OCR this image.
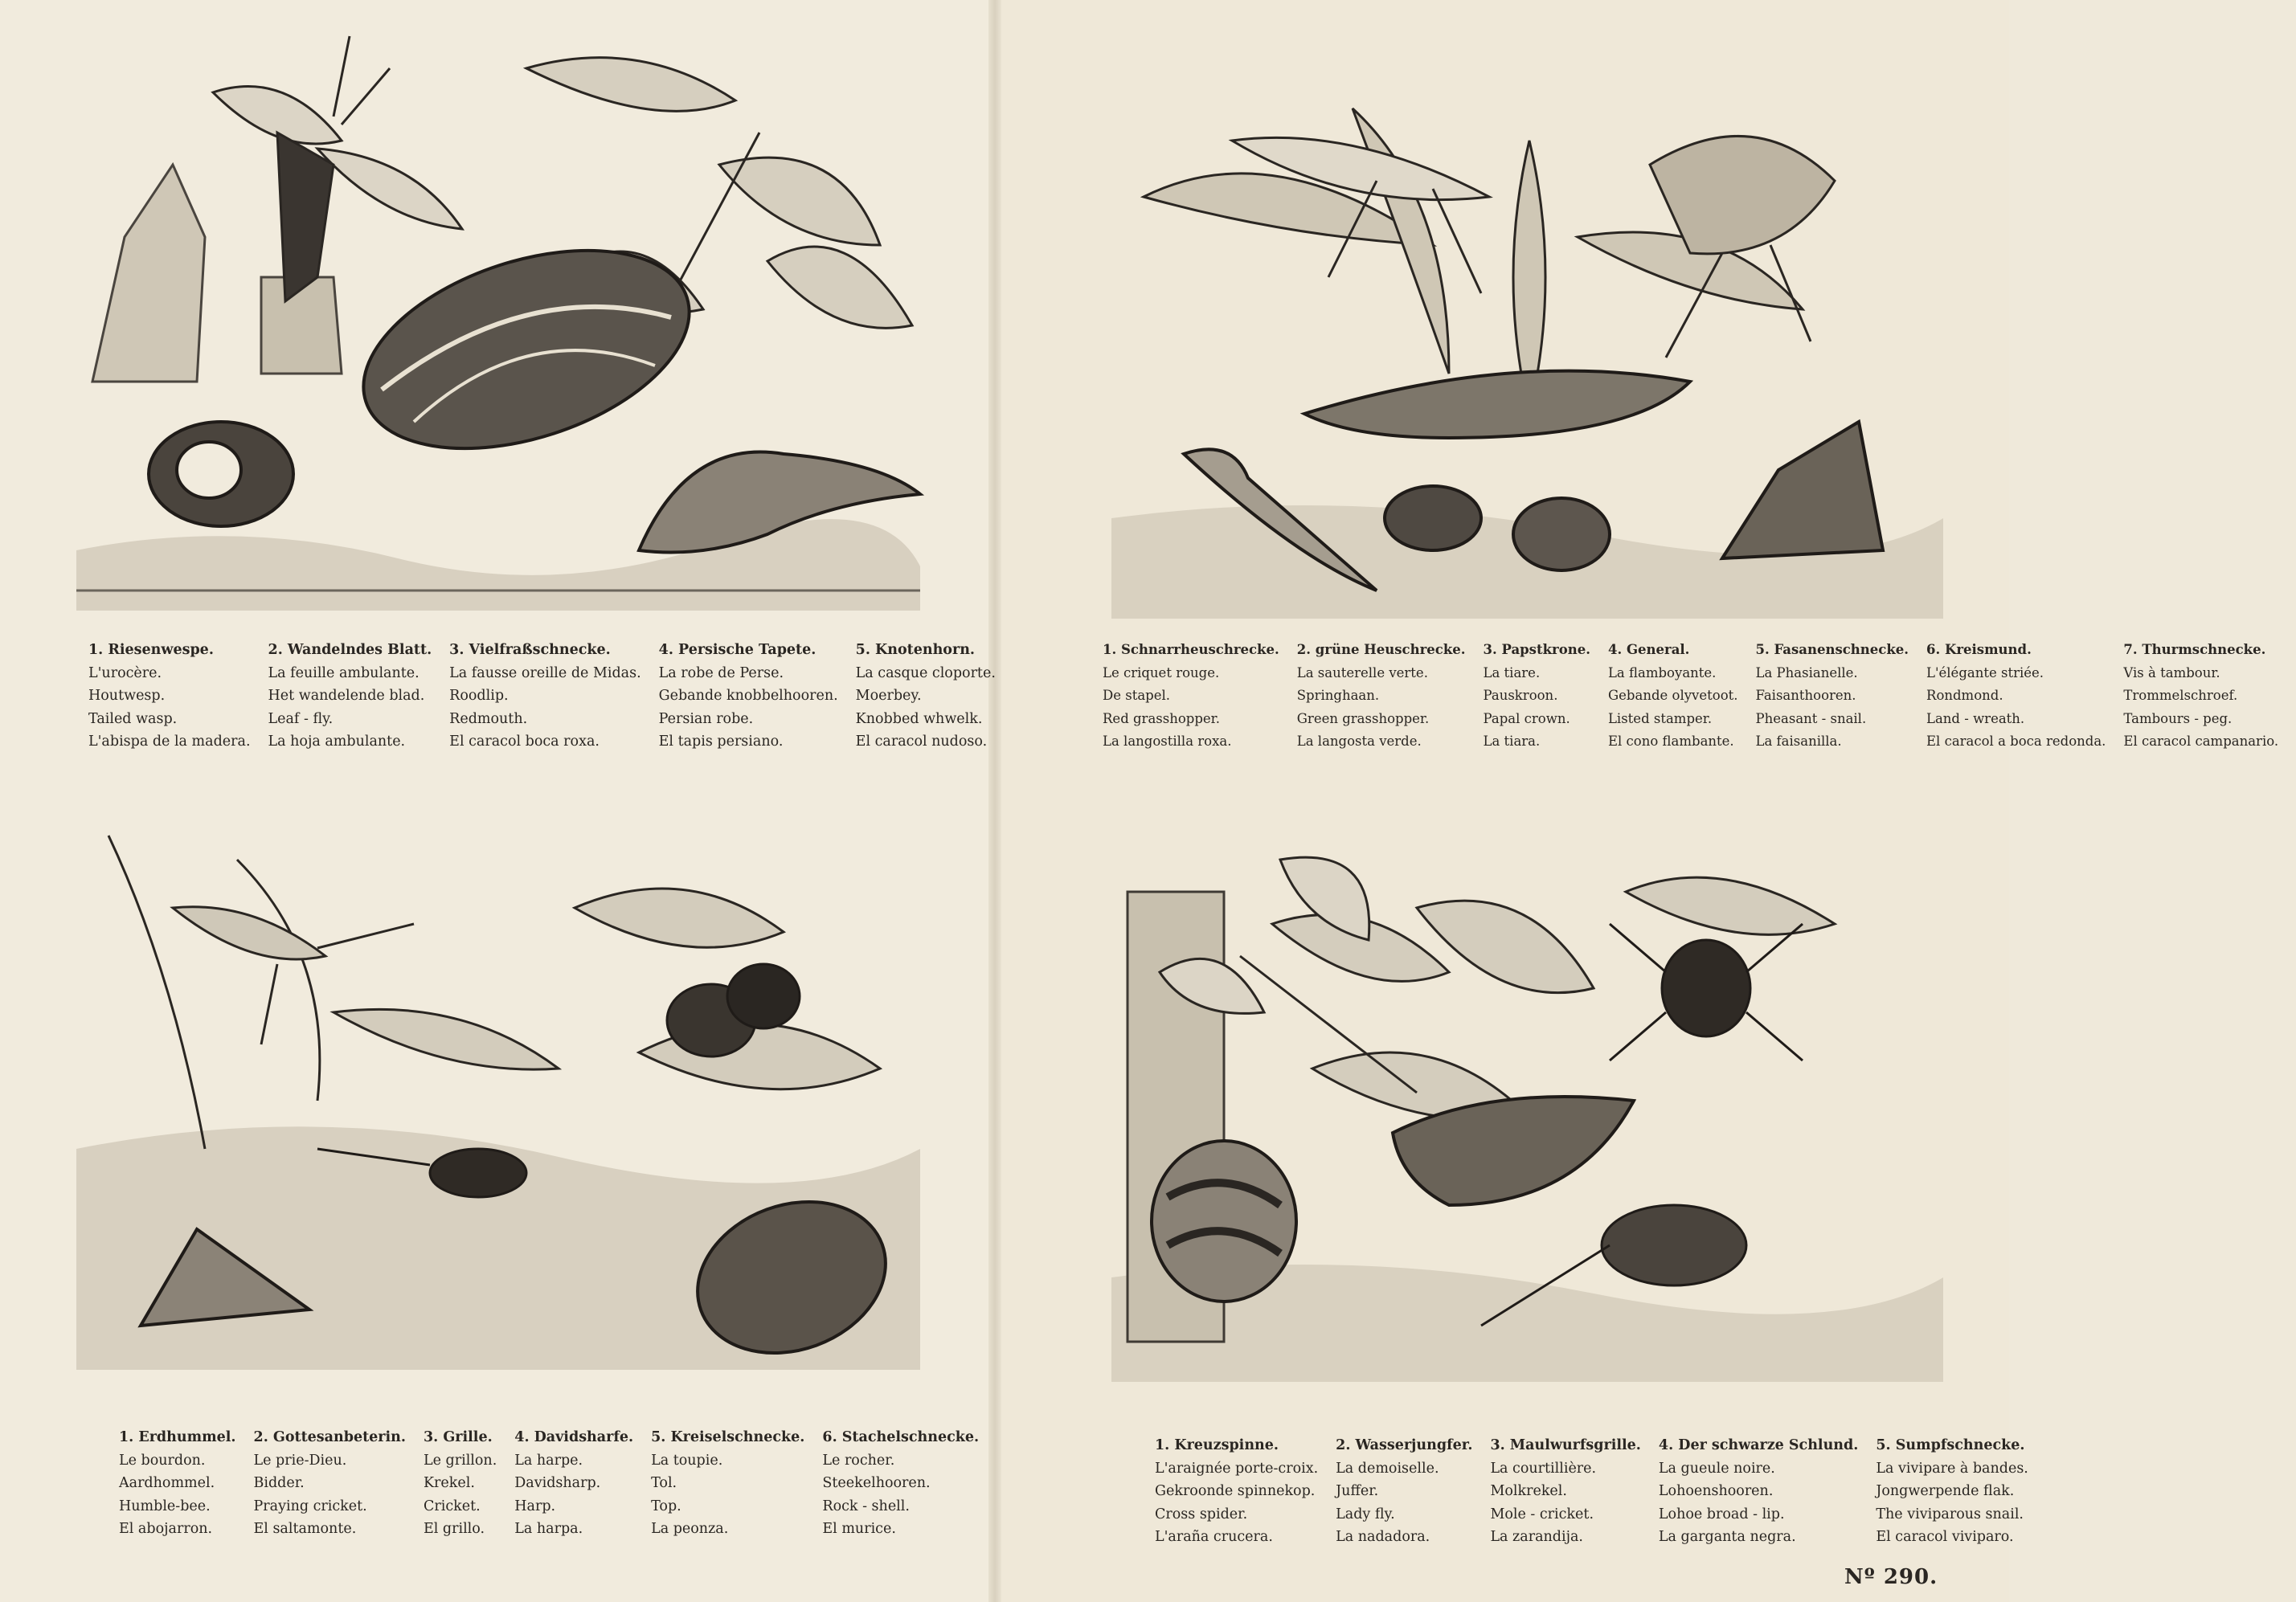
1. Riesenwespe.
L'urocère.
Houtwesp.
Tailed wasp.
L'abispa de la madera.
2. Wandelndes Blatt.
La feuille ambulante.
Het wandelende blad.
Leaf - fly.
La hoja ambulante.
3. Vielfraßschnecke.
La fausse oreille de Midas.
Roodlip.
Redmouth.
El caracol boca roxa.
4. Persische Tapete.
La robe de Perse.
Gebande knobbelhooren.
Persian robe.
El tapis persiano.
5. Knotenhorn.
La casque cloporte.
Moerbey.
Knobbed whwelk.
El caracol nudoso.
1. Schnarrheuschrecke.
Le criquet rouge.
De stapel.
Red grasshopper.
La langostilla roxa.
2. grüne Heuschrecke.
La sauterelle verte.
Springhaan.
Green grasshopper.
La langosta verde.
3. Papstkrone.
La tiare.
Pauskroon.
Papal crown.
La tiara.
4. General.
La flamboyante.
Gebande olyvetoot.
Listed stamper.
El cono flambante.
5. Fasanenschnecke.
La Phasianelle.
Faisanthooren.
Pheasant - snail.
La faisanilla.
6. Kreismund.
L'élégante striée.
Rondmond.
Land - wreath.
El caracol a boca redonda.
7. Thurmschnecke.
Vis à tambour.
Trommelschroef.
Tambours - peg.
El caracol campanario.
1. Erdhummel.
Le bourdon.
Aardhommel.
Humble-bee.
El abojarron.
2. Gottesanbeterin.
Le prie-Dieu.
Bidder.
Praying cricket.
El saltamonte.
3. Grille.
Le grillon.
Krekel.
Cricket.
El grillo.
4. Davidsharfe.
La harpe.
Davidsharp.
Harp.
La harpa.
5. Kreiselschnecke.
La toupie.
Tol.
Top.
La peonza.
6. Stachelschnecke.
Le rocher.
Steekelhooren.
Rock - shell.
El murice.
1. Kreuzspinne.
L'araignée porte-croix.
Gekroonde spinnekop.
Cross spider.
L'araña crucera.
2. Wasserjungfer.
La demoiselle.
Juffer.
Lady fly.
La nadadora.
3. Maulwurfsgrille.
La courtillière.
Molkrekel.
Mole - cricket.
La zarandija.
4. Der schwarze Schlund.
La gueule noire.
Lohoenshooren.
Lohoe broad - lip.
La garganta negra.
5. Sumpfschnecke.
La vivipare à bandes.
Jongwerpende flak.
The viviparous snail.
El caracol viviparo.
Nº 290.
